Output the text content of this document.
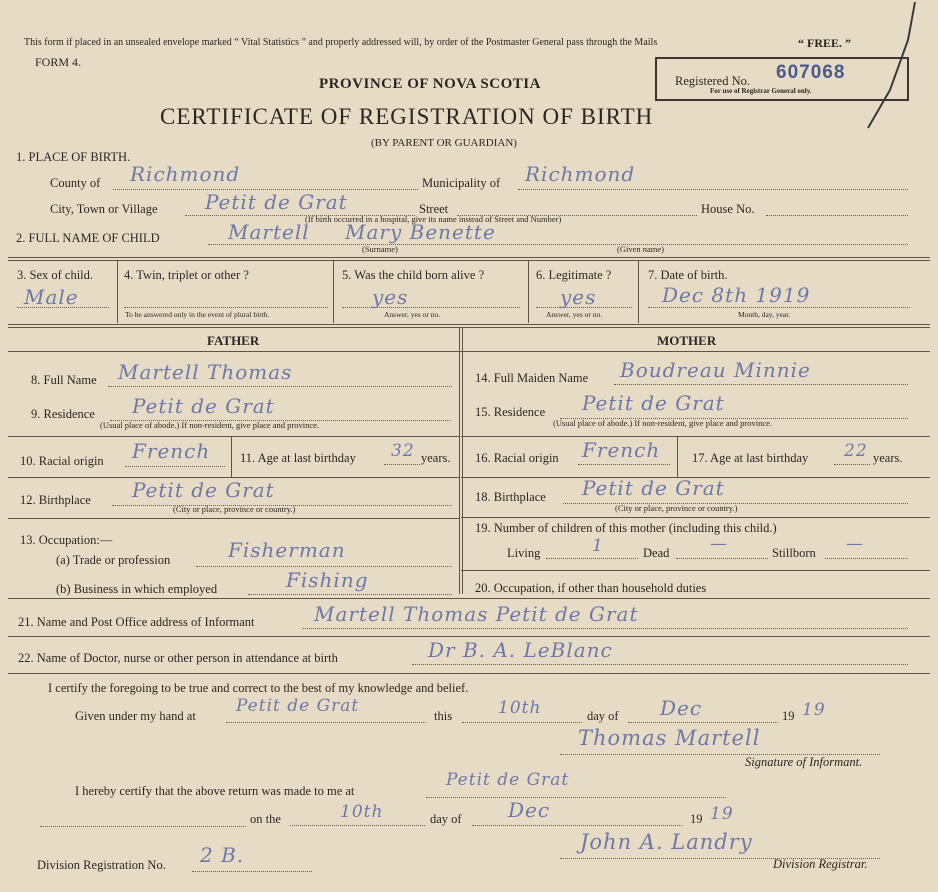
This form if placed in an unsealed envelope marked “ Vital Statistics ” and properly addressed will, by order of the Postmaster General pass through the Mails	“ FREE. ”
FORM 4.
PROVINCE OF NOVA SCOTIA
CERTIFICATE OF REGISTRATION OF BIRTH
(BY PARENT OR GUARDIAN)
Registered No. 607068
For use of Registrar General only.
1. PLACE OF BIRTH.
County of Richmond	Municipality of Richmond
City, Town or Village Petit de Grat	Street	House No.
(If birth occurred in a hospital, give its name instead of Street and Number)
2. FULL NAME OF CHILD	Martell Mary Benette
(Surname)	(Given name)
3. Sex of child.
Male
4. Twin, triplet or other ?
To be answered only in the event of plural birth.
5. Was the child born alive ?
yes
Answer, yes or no.
6. Legitimate ?
yes
Answer, yes or no.
7. Date of birth.
Dec 8th 1919
Month, day, year.
FATHER	MOTHER
8. Full Name Martell Thomas
9. Residence Petit de Grat
(Usual place of abode.) If non-resident, give place and province.
10. Racial origin French 11. Age at last birthday 32 years.
12. Birthplace Petit de Grat
(City or place, province or country.)
13. Occupation:—
(a) Trade or profession	Fisherman
(b) Business in which employed	Fishing
14. Full Maiden Name Boudreau Minnie
15. Residence Petit de Grat
(Usual place of abode.) If non-resident, give place and province.
16. Racial origin French	17. Age at last birthday 22 years.
18. Birthplace Petit de Grat
(City or place, province or country.)
19. Number of children of this mother (including this child.)
Living	1	Dead —	Stillborn —
20. Occupation, if other than household duties
21. Name and Post Office address of Informant	Martell Thomas Petit de Grat
22. Name of Doctor, nurse or other person in attendance at birth	Dr B. A. LeBlanc
I certify the foregoing to be true and correct to the best of my knowledge and belief.
Given under my hand at Petit de Grat	this	10th	day of Dec	19 19
Thomas Martell
Signature of Informant.
I hereby certify that the above return was made to me at
Petit de Grat
on the	10th	day of Dec	19 19
Division Registration No. 2 B.
John A. Landry
Division Registrar.
